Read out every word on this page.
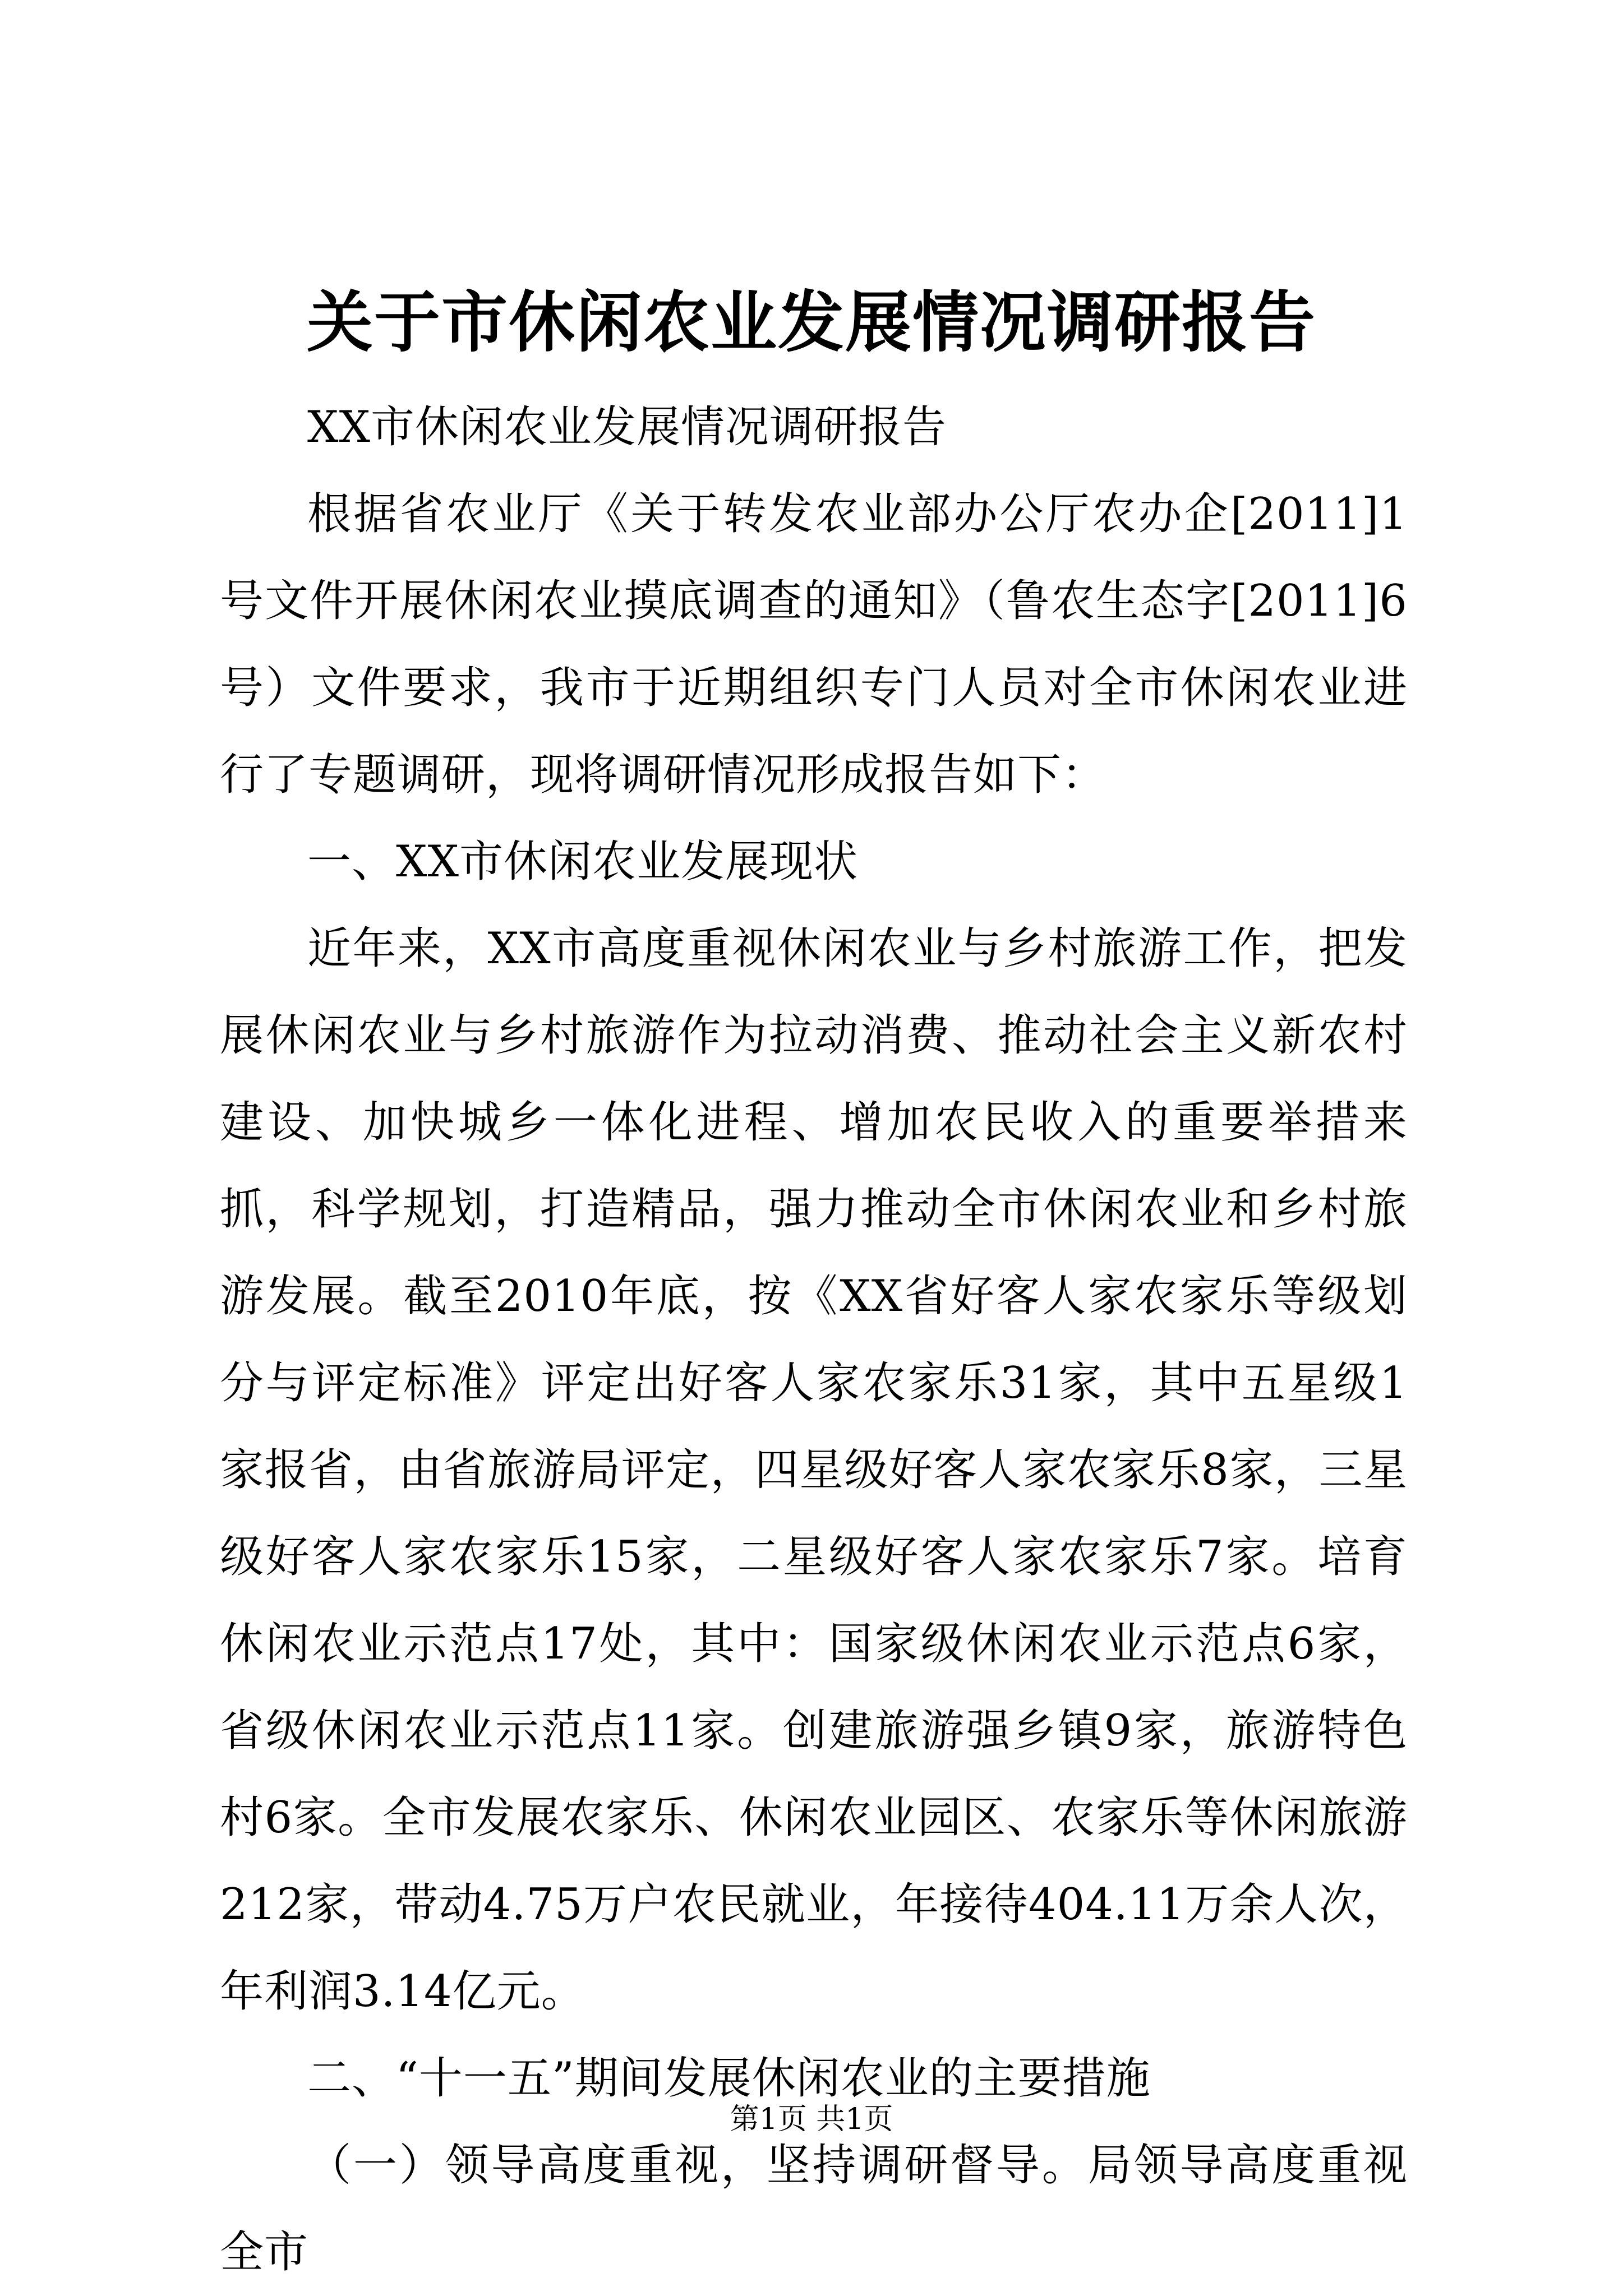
关于市休闲农业发展情况调研报告

XX市休闲农业发展情况调研报告

根据省农业厅《关于转发农业部办公厅农办企[2011]1号文件开展休闲农业摸底调查的通知》（鲁农生态字[2011]6号）文件要求，我市于近期组织专门人员对全市休闲农业进行了专题调研，现将调研情况形成报告如下：

一、XX市休闲农业发展现状

近年来，XX市高度重视休闲农业与乡村旅游工作，把发展休闲农业与乡村旅游作为拉动消费、推动社会主义新农村建设、加快城乡一体化进程、增加农民收入的重要举措来抓，科学规划，打造精品，强力推动全市休闲农业和乡村旅游发展。截至2010年底，按《XX省好客人家农家乐等级划分与评定标准》评定出好客人家农家乐31家，其中五星级1家报省，由省旅游局评定，四星级好客人家农家乐8家，三星级好客人家农家乐15家，二星级好客人家农家乐7家。培育休闲农业示范点17处，其中：国家级休闲农业示范点6家，省级休闲农业示范点11家。创建旅游强乡镇9家，旅游特色村6家。全市发展农家乐、休闲农业园区、农家乐等休闲旅游212家，带动4.75万户农民就业，年接待404.11万余人次，年利润3.14亿元。

二、“十一五”期间发展休闲农业的主要措施

（一）领导高度重视，坚持调研督导。局领导高度重视全市

第1页 共1页
